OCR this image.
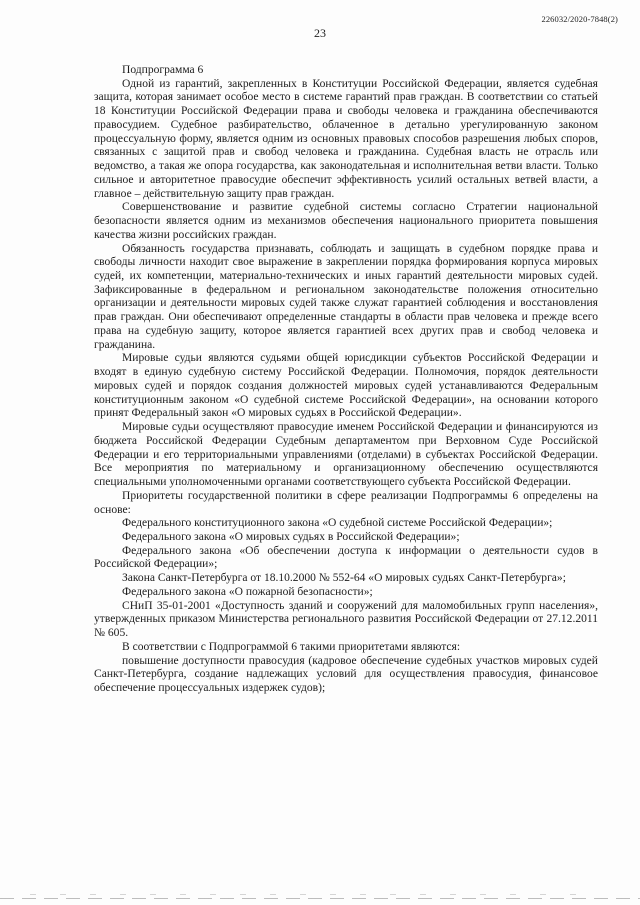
226032/2020-7848(2)
23

Подпрограмма 6

Одной из гарантий, закрепленных в Конституции Российской Федерации, является судебная защита, которая занимает особое место в системе гарантий прав граждан. В соответствии со статьей 18 Конституции Российской Федерации права и свободы человека и гражданина обеспечиваются правосудием. Судебное разбирательство, облаченное в детально урегулированную законом процессуальную форму, является одним из основных правовых способов разрешения любых споров, связанных с защитой прав и свобод человека и гражданина. Судебная власть не отрасль или ведомство, а такая же опора государства, как законодательная и исполнительная ветви власти. Только сильное и авторитетное правосудие обеспечит эффективность усилий остальных ветвей власти, а главное – действительную защиту прав граждан.

Совершенствование и развитие судебной системы согласно Стратегии национальной безопасности является одним из механизмов обеспечения национального приоритета повышения качества жизни российских граждан.

Обязанность государства признавать, соблюдать и защищать в судебном порядке права и свободы личности находит свое выражение в закреплении порядка формирования корпуса мировых судей, их компетенции, материально-технических и иных гарантий деятельности мировых судей. Зафиксированные в федеральном и региональном законодательстве положения относительно организации и деятельности мировых судей также служат гарантией соблюдения и восстановления прав граждан. Они обеспечивают определенные стандарты в области прав человека и прежде всего права на судебную защиту, которое является гарантией всех других прав и свобод человека и гражданина.

Мировые судьи являются судьями общей юрисдикции субъектов Российской Федерации и входят в единую судебную систему Российской Федерации. Полномочия, порядок деятельности мировых судей и порядок создания должностей мировых судей устанавливаются Федеральным конституционным законом «О судебной системе Российской Федерации», на основании которого принят Федеральный закон «О мировых судьях в Российской Федерации».

Мировые судьи осуществляют правосудие именем Российской Федерации и финансируются из бюджета Российской Федерации Судебным департаментом при Верховном Суде Российской Федерации и его территориальными управлениями (отделами) в субъектах Российской Федерации. Все мероприятия по материальному и организационному обеспечению осуществляются специальными уполномоченными органами соответствующего субъекта Российской Федерации.

Приоритеты государственной политики в сфере реализации Подпрограммы 6 определены на основе:

Федерального конституционного закона «О судебной системе Российской Федерации»;

Федерального закона «О мировых судьях в Российской Федерации»;

Федерального закона «Об обеспечении доступа к информации о деятельности судов в Российской Федерации»;

Закона Санкт-Петербурга от 18.10.2000 № 552-64 «О мировых судьях Санкт-Петербурга»;

Федерального закона «О пожарной безопасности»;

СНиП 35-01-2001 «Доступность зданий и сооружений для маломобильных групп населения», утвержденных приказом Министерства регионального развития Российской Федерации от 27.12.2011 № 605.

В соответствии с Подпрограммой 6 такими приоритетами являются:

повышение доступности правосудия (кадровое обеспечение судебных участков мировых судей Санкт-Петербурга, создание надлежащих условий для осуществления правосудия, финансовое обеспечение процессуальных издержек судов);
